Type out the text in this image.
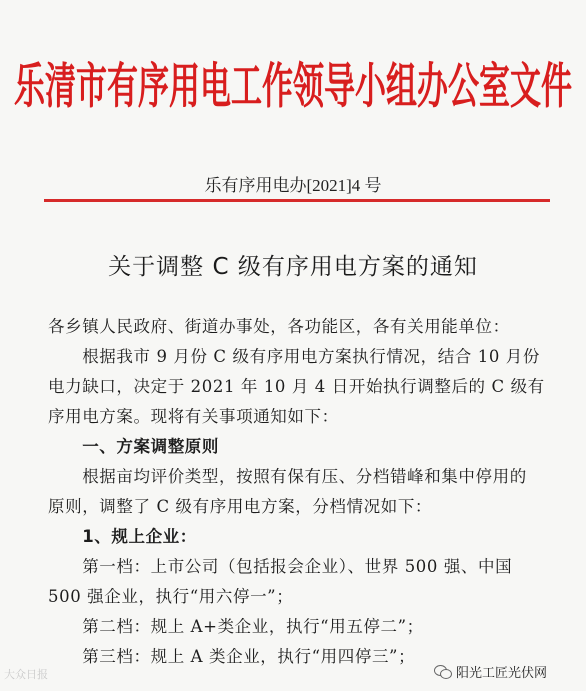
乐清市有序用电工作领导小组办公室文件
乐有序用电办[2021]4 号
关于调整 C 级有序用电方案的通知
各乡镇人民政府、街道办事处，各功能区，各有关用能单位：
　　根据我市 9 月份 C 级有序用电方案执行情况，结合 10 月份
电力缺口，决定于 2021 年 10 月 4 日开始执行调整后的 C 级有
序用电方案。现将有关事项通知如下：
　　一、方案调整原则
　　根据亩均评价类型，按照有保有压、分档错峰和集中停用的
原则，调整了 C 级有序用电方案，分档情况如下：
　　1、规上企业：
　　第一档：上市公司（包括报会企业）、世界 500 强、中国
500 强企业，执行“用六停一”；
　　第二档：规上 A+类企业，执行“用五停二”；
　　第三档：规上 A 类企业，执行“用四停三”；
大众日报	阳光工匠光伏网
